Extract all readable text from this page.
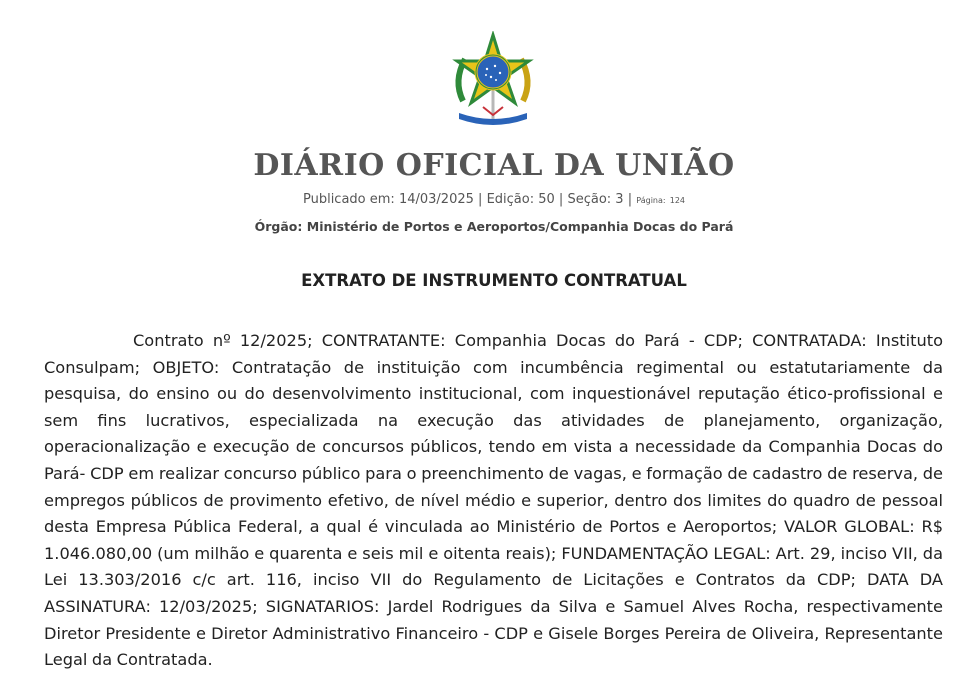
DIÁRIO OFICIAL DA UNIÃO
Publicado em: 14/03/2025 | Edição: 50 | Seção: 3 | Página: 124
Órgão: Ministério de Portos e Aeroportos/Companhia Docas do Pará
EXTRATO DE INSTRUMENTO CONTRATUAL

Contrato nº 12/2025; CONTRATANTE: Companhia Docas do Pará - CDP; CONTRATADA: Instituto Consulpam; OBJETO: Contratação de instituição com incumbência regimental ou estatutariamente da pesquisa, do ensino ou do desenvolvimento institucional, com inquestionável reputação ético-profissional e sem fins lucrativos, especializada na execução das atividades de planejamento, organização, operacionalização e execução de concursos públicos, tendo em vista a necessidade da Companhia Docas do Pará- CDP em realizar concurso público para o preenchimento de vagas, e formação de cadastro de reserva, de empregos públicos de provimento efetivo, de nível médio e superior, dentro dos limites do quadro de pessoal desta Empresa Pública Federal, a qual é vinculada ao Ministério de Portos e Aeroportos; VALOR GLOBAL: R$ 1.046.080,00 (um milhão e quarenta e seis mil e oitenta reais); FUNDAMENTAÇÃO LEGAL: Art. 29, inciso VII, da Lei 13.303/2016 c/c art. 116, inciso VII do Regulamento de Licitações e Contratos da CDP; DATA DA ASSINATURA: 12/03/2025; SIGNATARIOS: Jardel Rodrigues da Silva e Samuel Alves Rocha, respectivamente Diretor Presidente e Diretor Administrativo Financeiro - CDP e Gisele Borges Pereira de Oliveira, Representante Legal da Contratada.
